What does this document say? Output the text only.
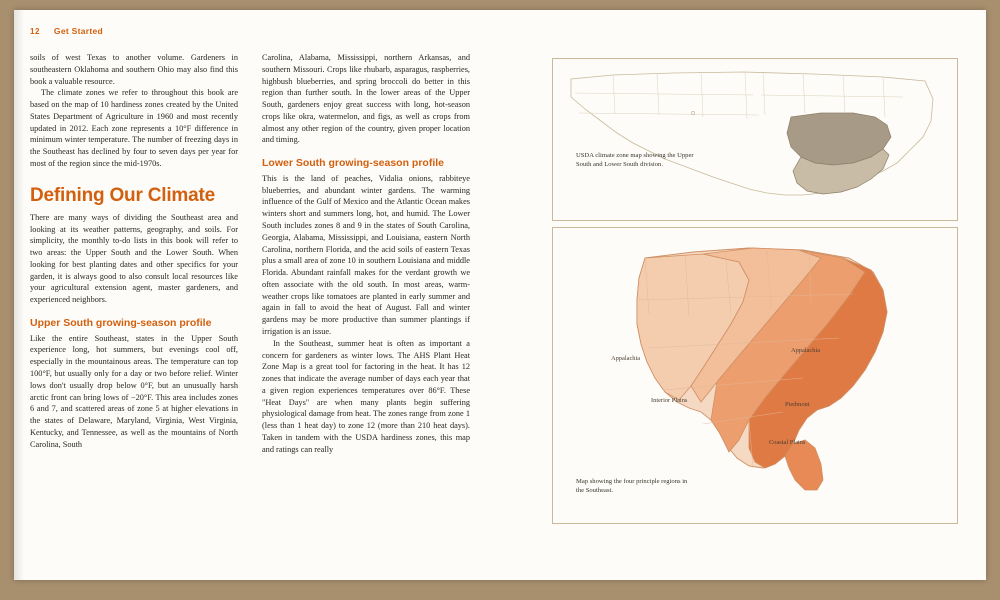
12 Get Started

soils of west Texas to another volume. Gardeners in southeastern Oklahoma and southern Ohio may also find this book a valuable resource.

The climate zones we refer to throughout this book are based on the map of 10 hardiness zones created by the United States Department of Agriculture in 1960 and most recently updated in 2012. Each zone represents a 10°F difference in minimum winter temperature. The number of freezing days in the Southeast has declined by four to seven days per year for most of the region since the mid-1970s.

Defining Our Climate

There are many ways of dividing the Southeast area and looking at its weather patterns, geography, and soils. For simplicity, the monthly to-do lists in this book will refer to two areas: the Upper South and the Lower South. When looking for best planting dates and other specifics for your garden, it is always good to also consult local resources like your agricultural extension agent, master gardeners, and experienced neighbors.

Upper South growing-season profile

Like the entire Southeast, states in the Upper South experience long, hot summers, but evenings cool off, especially in the mountainous areas. The temperature can top 100°F, but usually only for a day or two before relief. Winter lows don't usually drop below 0°F, but an unusually harsh arctic front can bring lows of −20°F. This area includes zones 6 and 7, and scattered areas of zone 5 at higher elevations in the states of Delaware, Maryland, Virginia, West Virginia, Kentucky, and Tennessee, as well as the mountains of North Carolina, South

Carolina, Alabama, Mississippi, northern Arkansas, and southern Missouri. Crops like rhubarb, asparagus, raspberries, highbush blueberries, and spring broccoli do better in this region than further south. In the lower areas of the Upper South, gardeners enjoy great success with long, hot-season crops like okra, watermelon, and figs, as well as crops from almost any other region of the country, given proper location and timing.

Lower South growing-season profile

This is the land of peaches, Vidalia onions, rabbiteye blueberries, and abundant winter gardens. The warming influence of the Gulf of Mexico and the Atlantic Ocean makes winters short and summers long, hot, and humid. The Lower South includes zones 8 and 9 in the states of South Carolina, Georgia, Alabama, Mississippi, and Louisiana, eastern North Carolina, northern Florida, and the acid soils of eastern Texas plus a small area of zone 10 in southern Louisiana and middle Florida. Abundant rainfall makes for the verdant growth we often associate with the old south. In most areas, warm-weather crops like tomatoes are planted in early summer and again in fall to avoid the heat of August. Fall and winter gardens may be more productive than summer plantings if irrigation is an issue.

In the Southeast, summer heat is often as important a concern for gardeners as winter lows. The AHS Plant Heat Zone Map is a great tool for factoring in the heat. It has 12 zones that indicate the average number of days each year that a given region experiences temperatures over 86°F. These "Heat Days" are when many plants begin suffering physiological damage from heat. The zones range from zone 1 (less than 1 heat day) to zone 12 (more than 210 heat days). Taken in tandem with the USDA hardiness zones, this map and ratings can really

USDA climate zone map showing the Upper South and Lower South division.
Appalachia
Appalachia
Interior Plains
Piedmont
Coastal Plains
Map showing the four principle regions in the Southeast.
